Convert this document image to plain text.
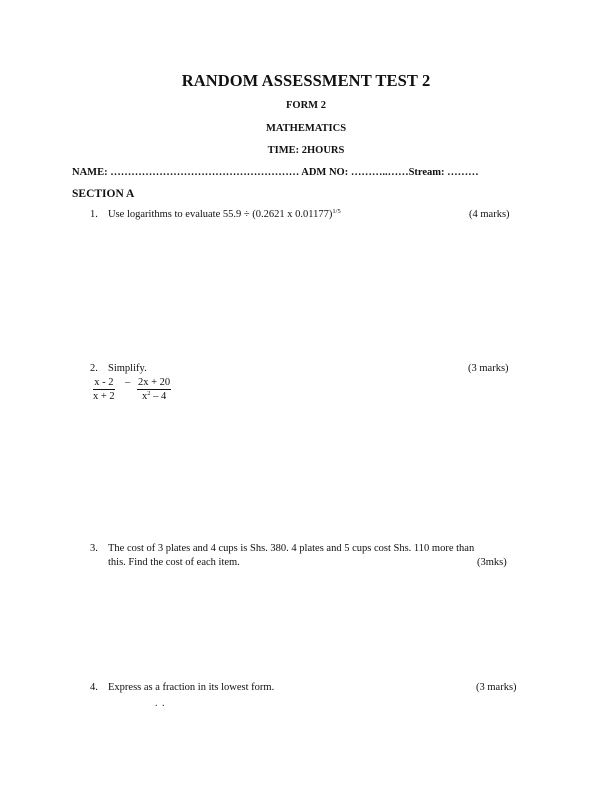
RANDOM ASSESSMENT TEST 2
FORM 2
MATHEMATICS
TIME: 2HOURS
NAME: ……………………………………………… ADM NO: ………..……Stream: ………
SECTION A
1. Use logarithms to evaluate 55.9 ÷ (0.2621 x 0.01177)$^{1/5}$	(4 marks)
2. Simplify.	(3 marks)
$\frac{x - 2}{x + 2} - \frac{2x + 20}{x^2 - 4}$
3. The cost of 3 plates and 4 cups is Shs. 380. 4 plates and 5 cups cost Shs. 110 more than
this. Find the cost of each item.	(3mks)
4. Express as a fraction in its lowest form.	(3 marks)
. .
